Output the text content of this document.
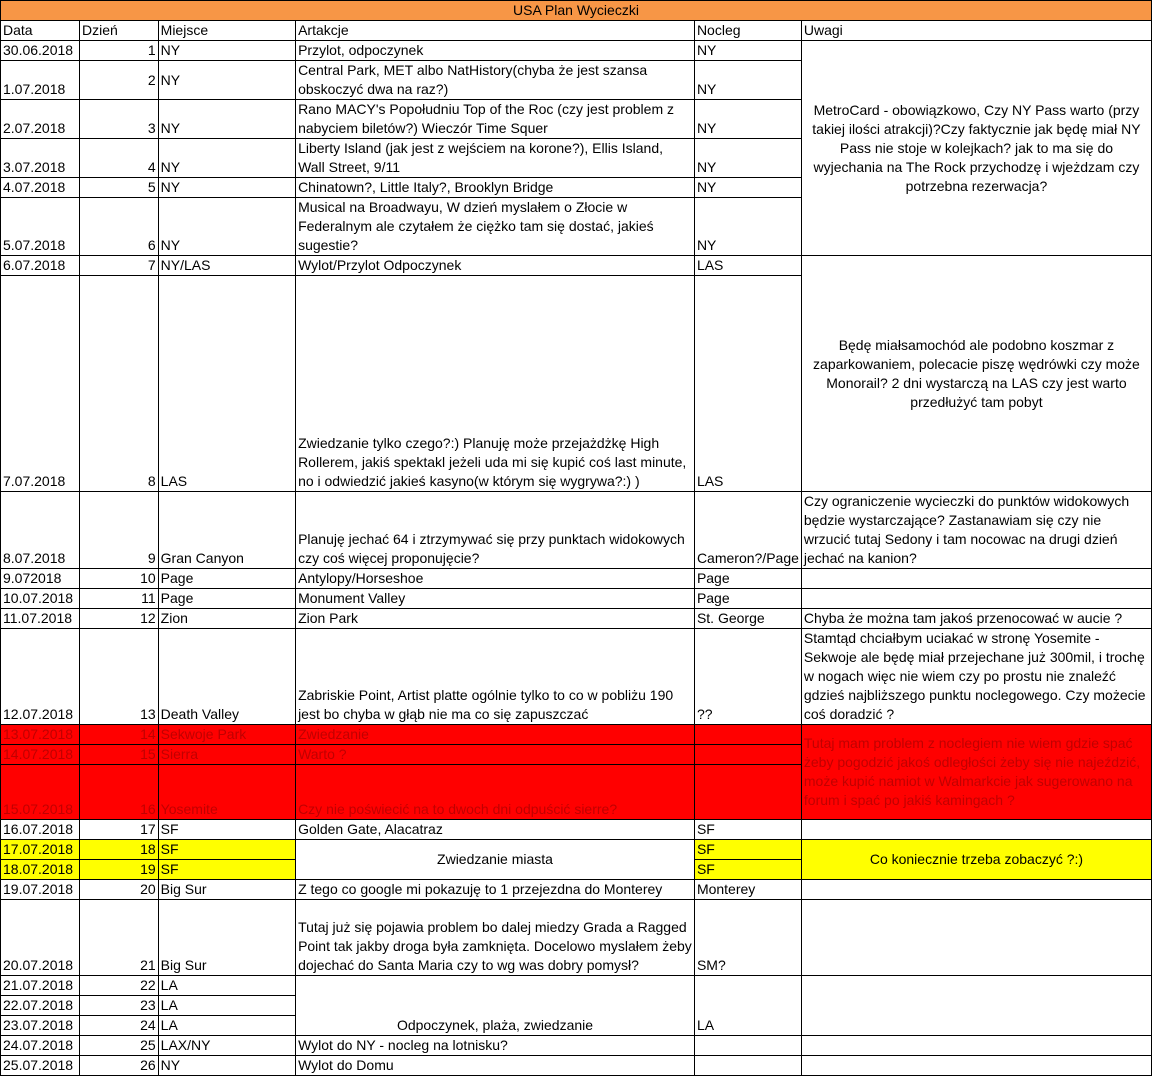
USA Plan Wycieczki					
Data	Dzień	Miejsce	Artakcje	Nocleg	Uwagi
30.06.2018	1	NY	Przylot, odpoczynek	NY	MetroCard - obowiązkowo, Czy NY Pass warto (przy takiej ilości atrakcji)?Czy faktycznie jak będę miał NY Pass nie stoje w kolejkach? jak to ma się do wyjechania na The Rock przychodzę i wjeżdzam czy potrzebna rezerwacja?
1.07.2018	2	NY	Central Park, MET albo NatHistory(chyba że jest szansa obskoczyć dwa na raz?)	NY	
2.07.2018	3	NY	Rano MACY's Popołudniu Top of the Roc (czy jest problem z nabyciem biletów?) Wieczór Time Squer	NY	
3.07.2018	4	NY	Liberty Island (jak jest z wejściem na korone?), Ellis Island, Wall Street, 9/11	NY	
4.07.2018	5	NY	Chinatown?, Little Italy?, Brooklyn Bridge	NY	
5.07.2018	6	NY	Musical na Broadwayu, W dzień myslałem o Złocie w Federalnym ale czytałem że ciężko tam się dostać, jakieś sugestie?	NY	
6.07.2018	7	NY/LAS	Wylot/Przylot Odpoczynek	LAS	Będę miałsamochód ale podobno koszmar z zaparkowaniem, polecacie piszę wędrówki czy może Monorail? 2 dni wystarczą na LAS czy jest warto przedłużyć tam pobyt
7.07.2018	8	LAS	Zwiedzanie tylko czego?:) Planuję może przejażdżkę High Rollerem, jakiś spektakl jeżeli uda mi się kupić coś last minute, no i odwiedzić jakieś kasyno(w którym się wygrywa?:) )	LAS	
8.07.2018	9	Gran Canyon	Planuję jechać 64 i ztrzymywać się przy punktach widokowych czy coś więcej proponujęcie?	Cameron?/Page	Czy ograniczenie wycieczki do punktów widokowych będzie wystarczające? Zastanawiam się czy nie wrzucić tutaj Sedony i tam nocowac na drugi dzień jechać na kanion?
9.072018	10	Page	Antylopy/Horseshoe	Page	
10.07.2018	11	Page	Monument Valley	Page	
11.07.2018	12	Zion	Zion Park	St. George	Chyba że można tam jakoś przenocować w aucie ?
12.07.2018	13	Death Valley	Zabriskie Point, Artist platte ogólnie tylko to co w pobliżu 190 jest bo chyba w głąb nie ma co się zapuszczać	??	Stamtąd chciałbym uciakać w stronę Yosemite - Sekwoje ale będę miał przejechane już 300mil, i trochę w nogach więc nie wiem czy po prostu nie znaleźć gdzieś najbliższego punktu noclegowego. Czy możecie coś doradzić ?
13.07.2018	14	Sekwoje Park	Zwiedzanie		Tutaj mam problem z noclegiem nie wiem gdzie spać żeby pogodzić jakoś odległości żeby się nie najeździć, może kupić namiot w Walmarkcie jak sugerowano na forum i spać po jakiś kamingach ?
14.07.2018	15	Sierra	Warto ?		
15.07.2018	16	Yosemite	Czy nie poświecić na to dwoch dni odpuścić sierre?		
16.07.2018	17	SF	Golden Gate, Alacatraz	SF	
17.07.2018	18	SF	Zwiedzanie miasta	SF	Co koniecznie trzeba zobaczyć ?:)
18.07.2018	19	SF		SF	
19.07.2018	20	Big Sur	Z tego co google mi pokazuję to 1 przejezdna do Monterey	Monterey	
20.07.2018	21	Big Sur	Tutaj już się pojawia problem bo dalej miedzy Grada a Ragged Point tak jakby droga była zamknięta. Docelowo myslałem żeby dojechać do Santa Maria czy to wg was dobry pomysł?	SM?	
21.07.2018	22	LA	Odpoczynek, plaża, zwiedzanie	LA	
22.07.2018	23	LA			
23.07.2018	24	LA			
24.07.2018	25	LAX/NY	Wylot do NY - nocleg na lotnisku?		
25.07.2018	26	NY	Wylot do Domu		
